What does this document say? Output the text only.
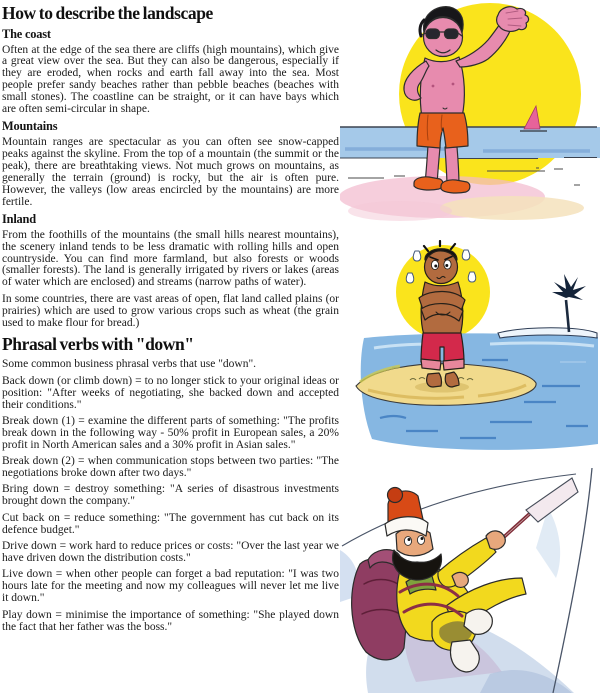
How to describe the landscape
The coast

Often at the edge of the sea there are cliffs (high mountains), which give a great view over the sea. But they can also be dangerous, especially if they are eroded, when rocks and earth fall away into the sea. Most people prefer sandy beaches rather than pebble beaches (beaches with small stones). The coastline can be straight, or it can have bays which are often semi-circular in shape.

Mountains

Mountain ranges are spectacular as you can often see snow-capped peaks against the skyline. From the top of a mountain (the summit or the peak), there are breathtaking views. Not much grows on mountains, as generally the terrain (ground) is rocky, but the air is often pure. However, the valleys (low areas encircled by the mountains) are more fertile.

Inland

From the foothills of the mountains (the small hills nearest mountains), the scenery inland tends to be less dramatic with rolling hills and open countryside. You can find more farmland, but also forests or woods (smaller forests). The land is generally irrigated by rivers or lakes (areas of water which are enclosed) and streams (narrow paths of water).

In some countries, there are vast areas of open, flat land called plains (or prairies) which are used to grow various crops such as wheat (the grain used to make flour for bread.)

Phrasal verbs with "down"

Some common business phrasal verbs that use "down".

Back down (or climb down) = to no longer stick to your original ideas or position: "After weeks of negotiating, she backed down and accepted their conditions."

Break down (1) = examine the different parts of something: "The profits break down in the following way - 50% profit in European sales, a 20% profit in North American sales and a 30% profit in Asian sales."

Break down (2) = when communication stops between two parties: "The negotiations broke down after two days."

Bring down = destroy something: "A series of disastrous investments brought down the company."

Cut back on = reduce something: "The government has cut back on its defence budget."

Drive down = work hard to reduce prices or costs: "Over the last year we have driven down the distribution costs."

Live down = when other people can forget a bad reputation: "I was two hours late for the meeting and now my colleagues will never let me live it down."

Play down = minimise the importance of something: "She played down the fact that her father was the boss."
